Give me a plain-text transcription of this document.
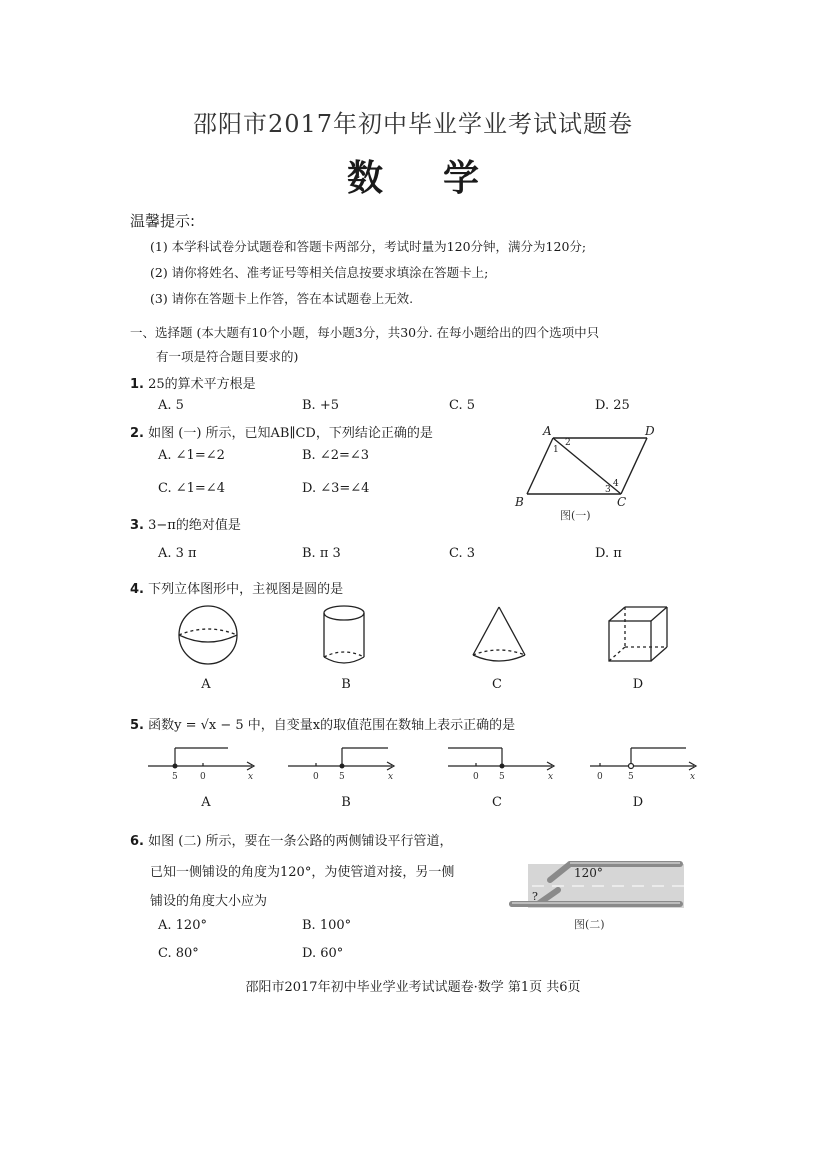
邵阳市2017年初中毕业学业考试试题卷
数学
温馨提示:
(1) 本学科试卷分试题卷和答题卡两部分，考试时量为120分钟，满分为120分;
(2) 请你将姓名、准考证号等相关信息按要求填涂在答题卡上;
(3) 请你在答题卡上作答，答在本试题卷上无效.
一、选择题 (本大题有10个小题，每小题3分，共30分. 在每小题给出的四个选项中只
有一项是符合题目要求的)
1. 25的算术平方根是
A. 5	B. +5	C. 5	D. 25
2. 如图 (一) 所示，已知AB∥CD，下列结论正确的是
A. ∠1=∠2	B. ∠2=∠3
C. ∠1=∠4	D. ∠3=∠4
A	D
B	C
1
2
3
4
图(一)
3. 3−π的绝对值是
A. 3 π	B. π 3	C. 3	D. π
4. 下列立体图形中，主视图是圆的是
A	B	C	D
5. 函数y = √x − 5 中，自变量x的取值范围在数轴上表示正确的是
5 0	x	0 5	x	0 5	x	0	5	x
A	B	C	D
6. 如图 (二) 所示，要在一条公路的两侧铺设平行管道，
已知一侧铺设的角度为120°，为使管道对接，另一侧
铺设的角度大小应为
A. 120°	B. 100°
C. 80°	D. 60°
120°
?
图(二)
邵阳市2017年初中毕业学业考试试题卷·数学 第1页 共6页
